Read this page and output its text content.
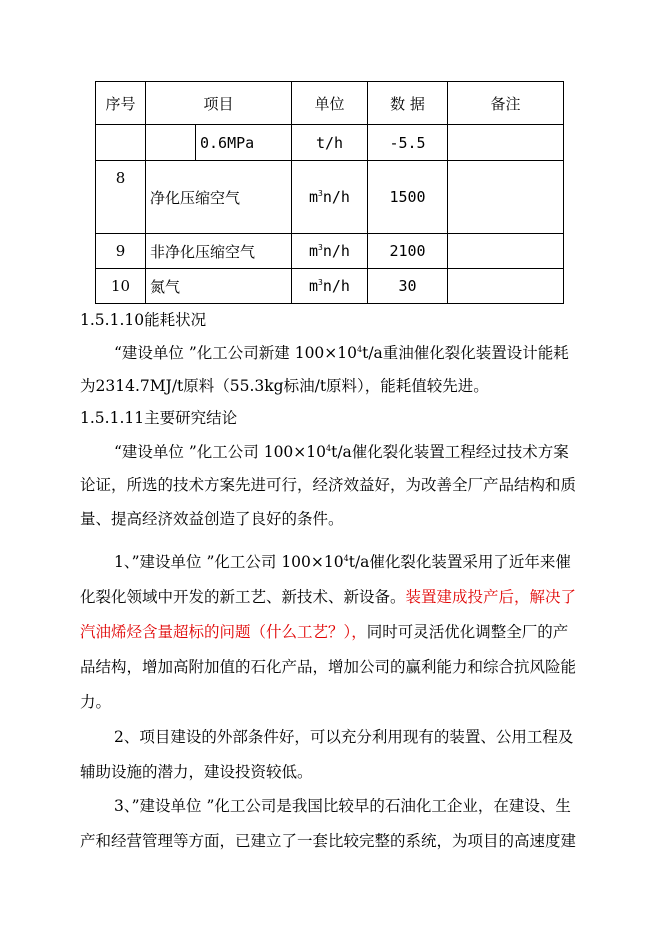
序号	项目		单位	数 据	备注
		0.6MPa	t/h	-5.5	
8	净化压缩空气		$m^3n/h$	1500	
9	非净化压缩空气		$m^3n/h$	2100	
10	氮气		$m^3n/h$	30	
1.5.1.10能耗状况
“建设单位 ”化工公司新建 $100\times 10^4t/a$重油催化裂化装置设计能耗
为2314.7MJ/t原料（55.3kg标油/t原料），能耗值较先进。
1.5.1.11主要研究结论
“建设单位 ”化工公司 $100\times 10^4t/a$催化裂化装置工程经过技术方案
论证，所选的技术方案先进可行，经济效益好，为改善全厂产品结构和质
量、提高经济效益创造了良好的条件。
1、”建设单位 ”化工公司 $100\times 10^4t/a$催化裂化装置采用了近年来催
化裂化领域中开发的新工艺、新技术、新设备。装置建成投产后，解决了
汽油烯烃含量超标的问题（什么工艺？），同时可灵活优化调整全厂的产
品结构，增加高附加值的石化产品，增加公司的赢利能力和综合抗风险能
力。
2、项目建设的外部条件好，可以充分利用现有的装置、公用工程及
辅助设施的潜力，建设投资较低。
3、”建设单位 ”化工公司是我国比较早的石油化工企业，在建设、生
产和经营管理等方面，已建立了一套比较完整的系统，为项目的高速度建
